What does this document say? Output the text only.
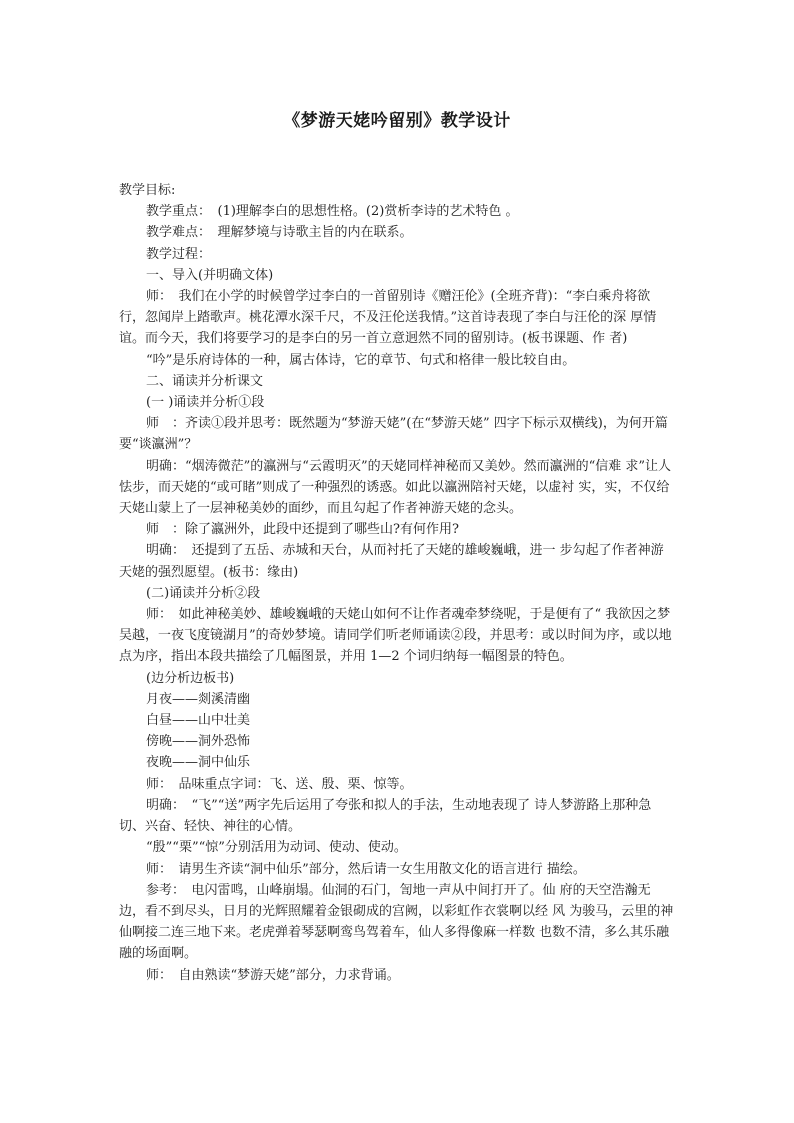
《梦游天姥吟留别》教学设计

教学目标:

教学重点：　(1)理解李白的思想性格。(2)赏析李诗的艺术特色 。

教学难点：　理解梦境与诗歌主旨的内在联系。

教学过程：

一、导入(并明确文体)

师：　我们在小学的时候曾学过李白的一首留别诗《赠汪伦》(全班齐背)：“李白乘舟将欲 行，忽闻岸上踏歌声。桃花潭水深千尺，不及汪伦送我情。”这首诗表现了李白与汪伦的深 厚情谊。而今天，我们将要学习的是李白的另一首立意迥然不同的留别诗。(板书课题、作 者)

“吟”是乐府诗体的一种，属古体诗，它的章节、句式和格律一般比较自由。

二、诵读并分析课文

(一 )诵读并分析①段

师　：齐读①段并思考：既然题为“梦游天姥”(在“梦游天姥” 四字下标示双横线)，为何开篇要“谈瀛洲”？

明确：“烟涛微茫”的瀛洲与“云霞明灭”的天姥同样神秘而又美妙。然而瀛洲的“信难 求”让人怯步，而天姥的“或可睹”则成了一种强烈的诱惑。如此以瀛洲陪衬天姥，以虚衬 实，实，不仅给天姥山蒙上了一层神秘美妙的面纱，而且勾起了作者神游天姥的念头。

师　：除了瀛洲外，此段中还提到了哪些山?有何作用?

明确：　还提到了五岳、赤城和天台，从而衬托了天姥的雄峻巍峨，进一 步勾起了作者神游天姥的强烈愿望。(板书：缘由)

(二)诵读并分析②段

师：　如此神秘美妙、雄峻巍峨的天姥山如何不让作者魂牵梦绕呢，于是便有了“ 我欲因之梦吴越，一夜飞度镜湖月”的奇妙梦境。请同学们听老师诵读②段，并思考：或以时间为序，或以地点为序，指出本段共描绘了几幅图景，并用 1—2 个词归纳每一幅图景的特色。

(边分析边板书)

月夜——剡溪清幽

白昼——山中壮美

傍晚——洞外恐怖

夜晚——洞中仙乐

师：　品味重点字词：飞、送、殷、栗、惊等。

明确：　“飞”“送”两字先后运用了夸张和拟人的手法，生动地表现了 诗人梦游路上那种急切、兴奋、轻快、神往的心情。

“殷”“栗”“惊”分别活用为动词、使动、使动。

师：　请男生齐读“洞中仙乐”部分，然后请一女生用散文化的语言进行 描绘。

参考：　电闪雷鸣，山峰崩塌。仙洞的石门，訇地一声从中间打开了。仙 府的天空浩瀚无边，看不到尽头，日月的光辉照耀着金银砌成的宫阙，以彩虹作衣裳啊以经 风 为骏马，云里的神仙啊接二连三地下来。老虎弹着琴瑟啊鸾鸟驾着车，仙人多得像麻一样数 也数不清，多么其乐融融的场面啊。

师：　自由熟读“梦游天姥”部分，力求背诵。
